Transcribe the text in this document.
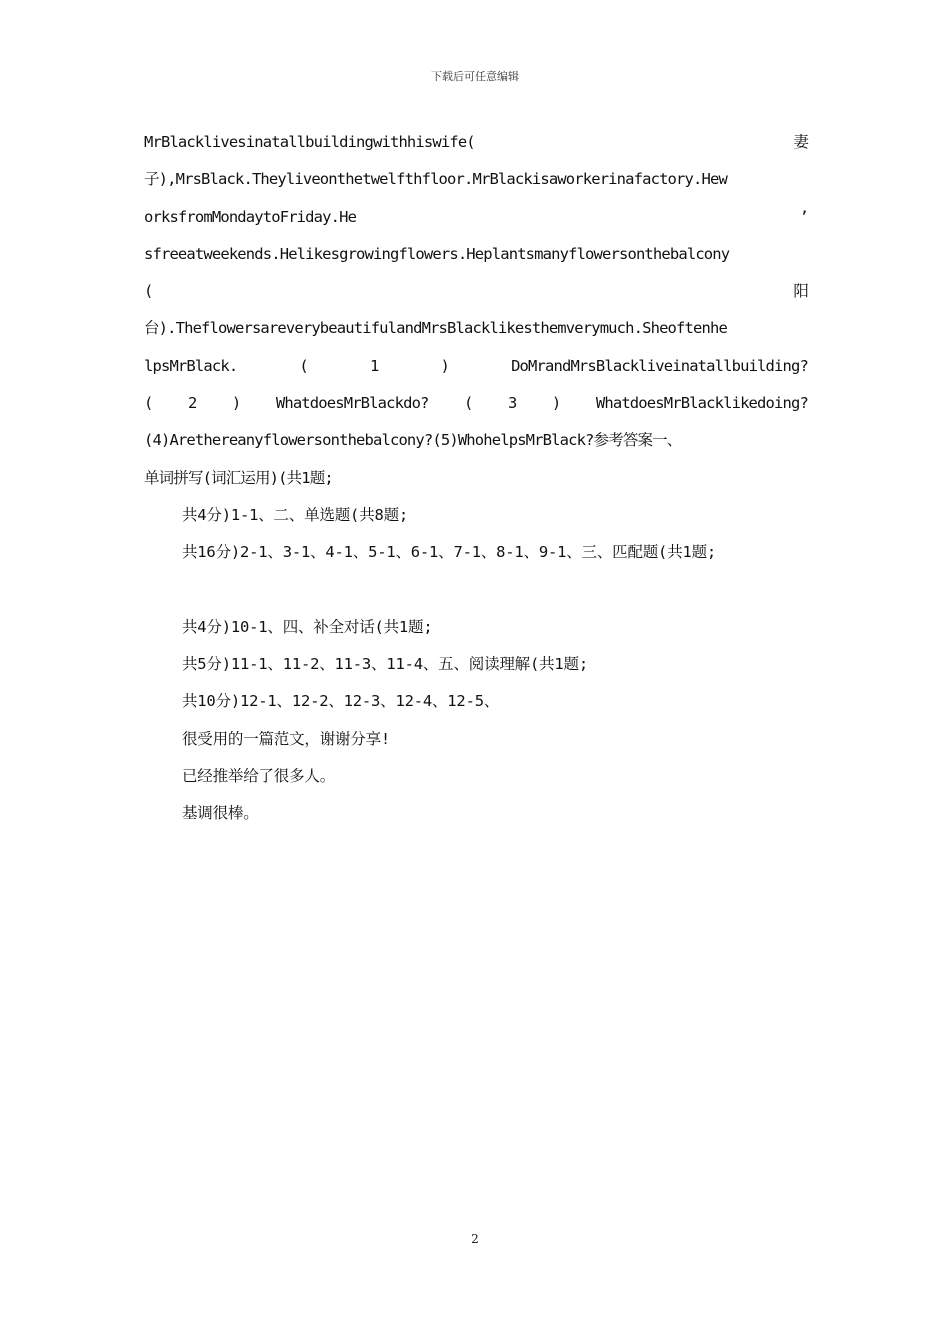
下载后可任意编辑
MrBlacklivesinatallbuildingwithhiswife(	妻
子),MrsBlack.Theyliveonthetwelfthfloor.MrBlackisaworkerinafactory.Hew
orksfromMondaytoFriday.He	’
sfreeatweekends.Helikesgrowingflowers.Heplantsmanyflowersonthebalcony
(	阳
台).TheflowersareverybeautifulandMrsBlacklikesthemverymuch.Sheoftenhe
lpsMrBlack.	(	1	)	DoMrandMrsBlackliveinatallbuilding?
( 2 ) WhatdoesMrBlackdo? ( 3 ) WhatdoesMrBlacklikedoing?
(4)Arethereanyflowersonthebalcony?(5)WhohelpsMrBlack?参考答案一、
单词拼写(词汇运用)(共1题;
共4分)1-1、二、单选题(共8题;
共16分)2-1、3-1、4-1、5-1、6-1、7-1、8-1、9-1、三、匹配题(共1题;
共4分)10-1、四、补全对话(共1题;
共5分)11-1、11-2、11-3、11-4、五、阅读理解(共1题;
共10分)12-1、12-2、12-3、12-4、12-5、
很受用的一篇范文，谢谢分享!
已经推举给了很多人。
基调很棒。
2
